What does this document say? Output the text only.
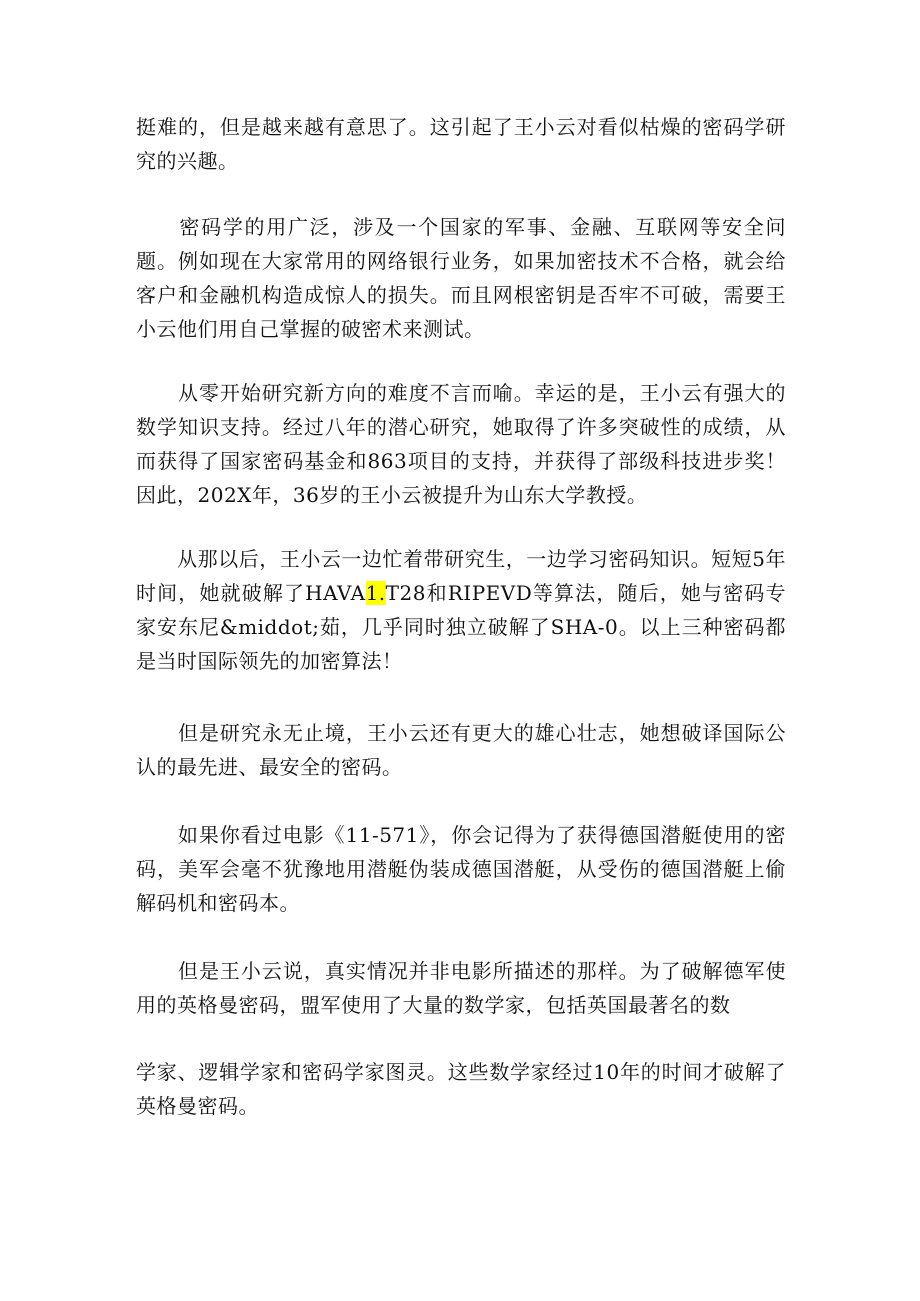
挺难的，但是越来越有意思了。这引起了王小云对看似枯燥的密码学研究的兴趣。

　　密码学的用广泛，涉及一个国家的军事、金融、互联网等安全问题。例如现在大家常用的网络银行业务，如果加密技术不合格，就会给客户和金融机构造成惊人的损失。而且网根密钥是否牢不可破，需要王小云他们用自己掌握的破密术来测试。

　　从零开始研究新方向的难度不言而喻。幸运的是，王小云有强大的数学知识支持。经过八年的潜心研究，她取得了许多突破性的成绩，从而获得了国家密码基金和863项目的支持，并获得了部级科技进步奖！因此，202X年，36岁的王小云被提升为山东大学教授。

　　从那以后，王小云一边忙着带研究生，一边学习密码知识。短短5年时间，她就破解了HAVA1.T28和RIPEVD等算法，随后，她与密码专家安东尼&middot;茹，几乎同时独立破解了SHA-0。以上三种密码都是当时国际领先的加密算法！

　　但是研究永无止境，王小云还有更大的雄心壮志，她想破译国际公认的最先进、最安全的密码。

　　如果你看过电影《11-571》，你会记得为了获得德国潜艇使用的密码，美军会毫不犹豫地用潜艇伪装成德国潜艇，从受伤的德国潜艇上偷解码机和密码本。

　　但是王小云说，真实情况并非电影所描述的那样。为了破解德军使用的英格曼密码，盟军使用了大量的数学家，包括英国最著名的数

学家、逻辑学家和密码学家图灵。这些数学家经过10年的时间才破解了英格曼密码。
